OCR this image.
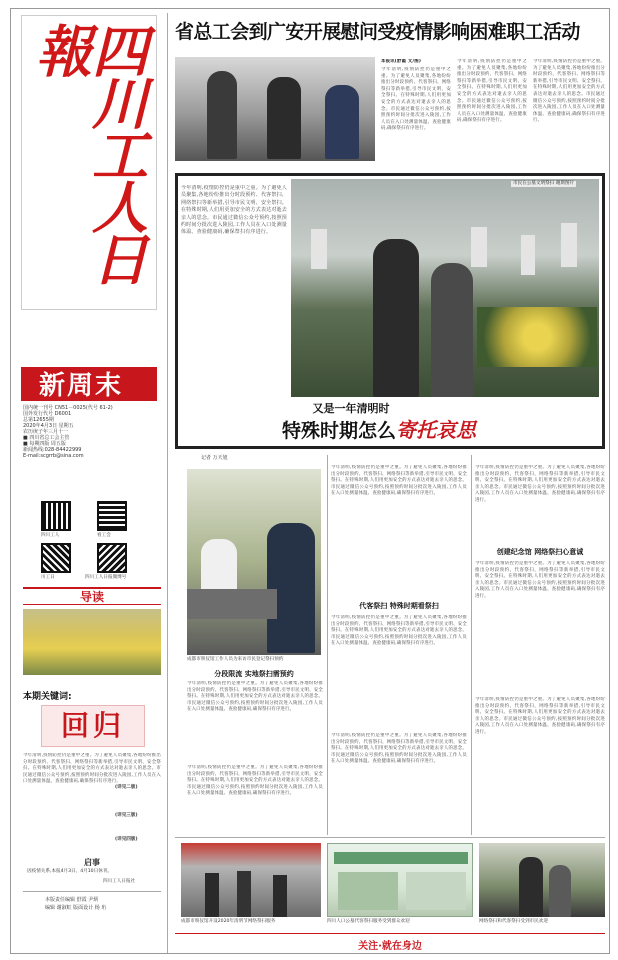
四川工人日報
新周末
国内统一刊号 CN51－0025(代号 61-2)
国外发行代号 D6001
总第12655期
2020年4月3日 星期五
农历庚子年三月十一
■ 四川省总工会主管
■ 每期四版 周五版
新闻热线:028-84422999
E-mail:scgrrb@sina.com
四川工人	看工会
川工日	四川工人日报微博号
导读
本期关键词:
回归
今年清明,疫情防控仍是重中之重。为了避免人员聚集,各地纷纷推出分时段预约、代客祭扫、网络祭扫等新举措,引导市民文明、安全祭扫。在特殊时期,人们用更加安全的方式表达对逝去亲人的思念。市民通过微信公众号预约,按照预约时间分批次进入陵园,工作人员在入口处测量体温、查验健康码,确保祭扫有序进行。
(详见二版)
(详见三版)
(详见四版)
启事
因疫情关系,本报4月3日、4月10日休刊。
四川工人日报社
本版责任编辑 舒霞 尹炳
编辑 谢淑虹 版面设计 杨 珩
省总工会到广安开展慰问受疫情影响困难职工活动
本报讯(舒霞 文/图)
今年清明,疫情防控仍是重中之重。为了避免人员聚集,各地纷纷推出分时段预约、代客祭扫、网络祭扫等新举措,引导市民文明、安全祭扫。在特殊时期,人们用更加安全的方式表达对逝去亲人的思念。市民通过微信公众号预约,按照预约时间分批次进入陵园,工作人员在入口处测量体温、查验健康码,确保祭扫有序进行。
今年清明,疫情防控仍是重中之重。为了避免人员聚集,各地纷纷推出分时段预约、代客祭扫、网络祭扫等新举措,引导市民文明、安全祭扫。在特殊时期,人们用更加安全的方式表达对逝去亲人的思念。市民通过微信公众号预约,按照预约时间分批次进入陵园,工作人员在入口处测量体温、查验健康码,确保祭扫有序进行。
今年清明,疫情防控仍是重中之重。为了避免人员聚集,各地纷纷推出分时段预约、代客祭扫、网络祭扫等新举措,引导市民文明、安全祭扫。在特殊时期,人们用更加安全的方式表达对逝去亲人的思念。市民通过微信公众号预约,按照预约时间分批次进入陵园,工作人员在入口处测量体温、查验健康码,确保祭扫有序进行。
今年清明,疫情防控仍是重中之重。为了避免人员聚集,各地纷纷推出分时段预约、代客祭扫、网络祭扫等新举措,引导市民文明、安全祭扫。在特殊时期,人们用更加安全的方式表达对逝去亲人的思念。市民通过微信公众号预约,按照预约时间分批次进入陵园,工作人员在入口处测量体温、查验健康码,确保祭扫有序进行。
市民在公墓文明祭扫 谢斯图片
又是一年清明时
特殊时期怎么寄托哀思
记者 万天旭
成都市殡仪馆工作人员为来访市民登记祭扫预约
分段限流 实地祭扫需预约
今年清明,疫情防控仍是重中之重。为了避免人员聚集,各地纷纷推出分时段预约、代客祭扫、网络祭扫等新举措,引导市民文明、安全祭扫。在特殊时期,人们用更加安全的方式表达对逝去亲人的思念。市民通过微信公众号预约,按照预约时间分批次进入陵园,工作人员在入口处测量体温、查验健康码,确保祭扫有序进行。
今年清明,疫情防控仍是重中之重。为了避免人员聚集,各地纷纷推出分时段预约、代客祭扫、网络祭扫等新举措,引导市民文明、安全祭扫。在特殊时期,人们用更加安全的方式表达对逝去亲人的思念。市民通过微信公众号预约,按照预约时间分批次进入陵园,工作人员在入口处测量体温、查验健康码,确保祭扫有序进行。
今年清明,疫情防控仍是重中之重。为了避免人员聚集,各地纷纷推出分时段预约、代客祭扫、网络祭扫等新举措,引导市民文明、安全祭扫。在特殊时期,人们用更加安全的方式表达对逝去亲人的思念。市民通过微信公众号预约,按照预约时间分批次进入陵园,工作人员在入口处测量体温、查验健康码,确保祭扫有序进行。
代客祭扫 特殊时期看祭扫
今年清明,疫情防控仍是重中之重。为了避免人员聚集,各地纷纷推出分时段预约、代客祭扫、网络祭扫等新举措,引导市民文明、安全祭扫。在特殊时期,人们用更加安全的方式表达对逝去亲人的思念。市民通过微信公众号预约,按照预约时间分批次进入陵园,工作人员在入口处测量体温、查验健康码,确保祭扫有序进行。
今年清明,疫情防控仍是重中之重。为了避免人员聚集,各地纷纷推出分时段预约、代客祭扫、网络祭扫等新举措,引导市民文明、安全祭扫。在特殊时期,人们用更加安全的方式表达对逝去亲人的思念。市民通过微信公众号预约,按照预约时间分批次进入陵园,工作人员在入口处测量体温、查验健康码,确保祭扫有序进行。
今年清明,疫情防控仍是重中之重。为了避免人员聚集,各地纷纷推出分时段预约、代客祭扫、网络祭扫等新举措,引导市民文明、安全祭扫。在特殊时期,人们用更加安全的方式表达对逝去亲人的思念。市民通过微信公众号预约,按照预约时间分批次进入陵园,工作人员在入口处测量体温、查验健康码,确保祭扫有序进行。
创建纪念馆 网络祭扫心意诚
今年清明,疫情防控仍是重中之重。为了避免人员聚集,各地纷纷推出分时段预约、代客祭扫、网络祭扫等新举措,引导市民文明、安全祭扫。在特殊时期,人们用更加安全的方式表达对逝去亲人的思念。市民通过微信公众号预约,按照预约时间分批次进入陵园,工作人员在入口处测量体温、查验健康码,确保祭扫有序进行。
今年清明,疫情防控仍是重中之重。为了避免人员聚集,各地纷纷推出分时段预约、代客祭扫、网络祭扫等新举措,引导市民文明、安全祭扫。在特殊时期,人们用更加安全的方式表达对逝去亲人的思念。市民通过微信公众号预约,按照预约时间分批次进入陵园,工作人员在入口处测量体温、查验健康码,确保祭扫有序进行。
成都市殡仪馆开设2020年清明节网络祭扫服务	四川人口公墓代客祭扫服务受到群众欢迎	网络祭扫和代客祭扫受到市民欢迎
关注·就在身边
